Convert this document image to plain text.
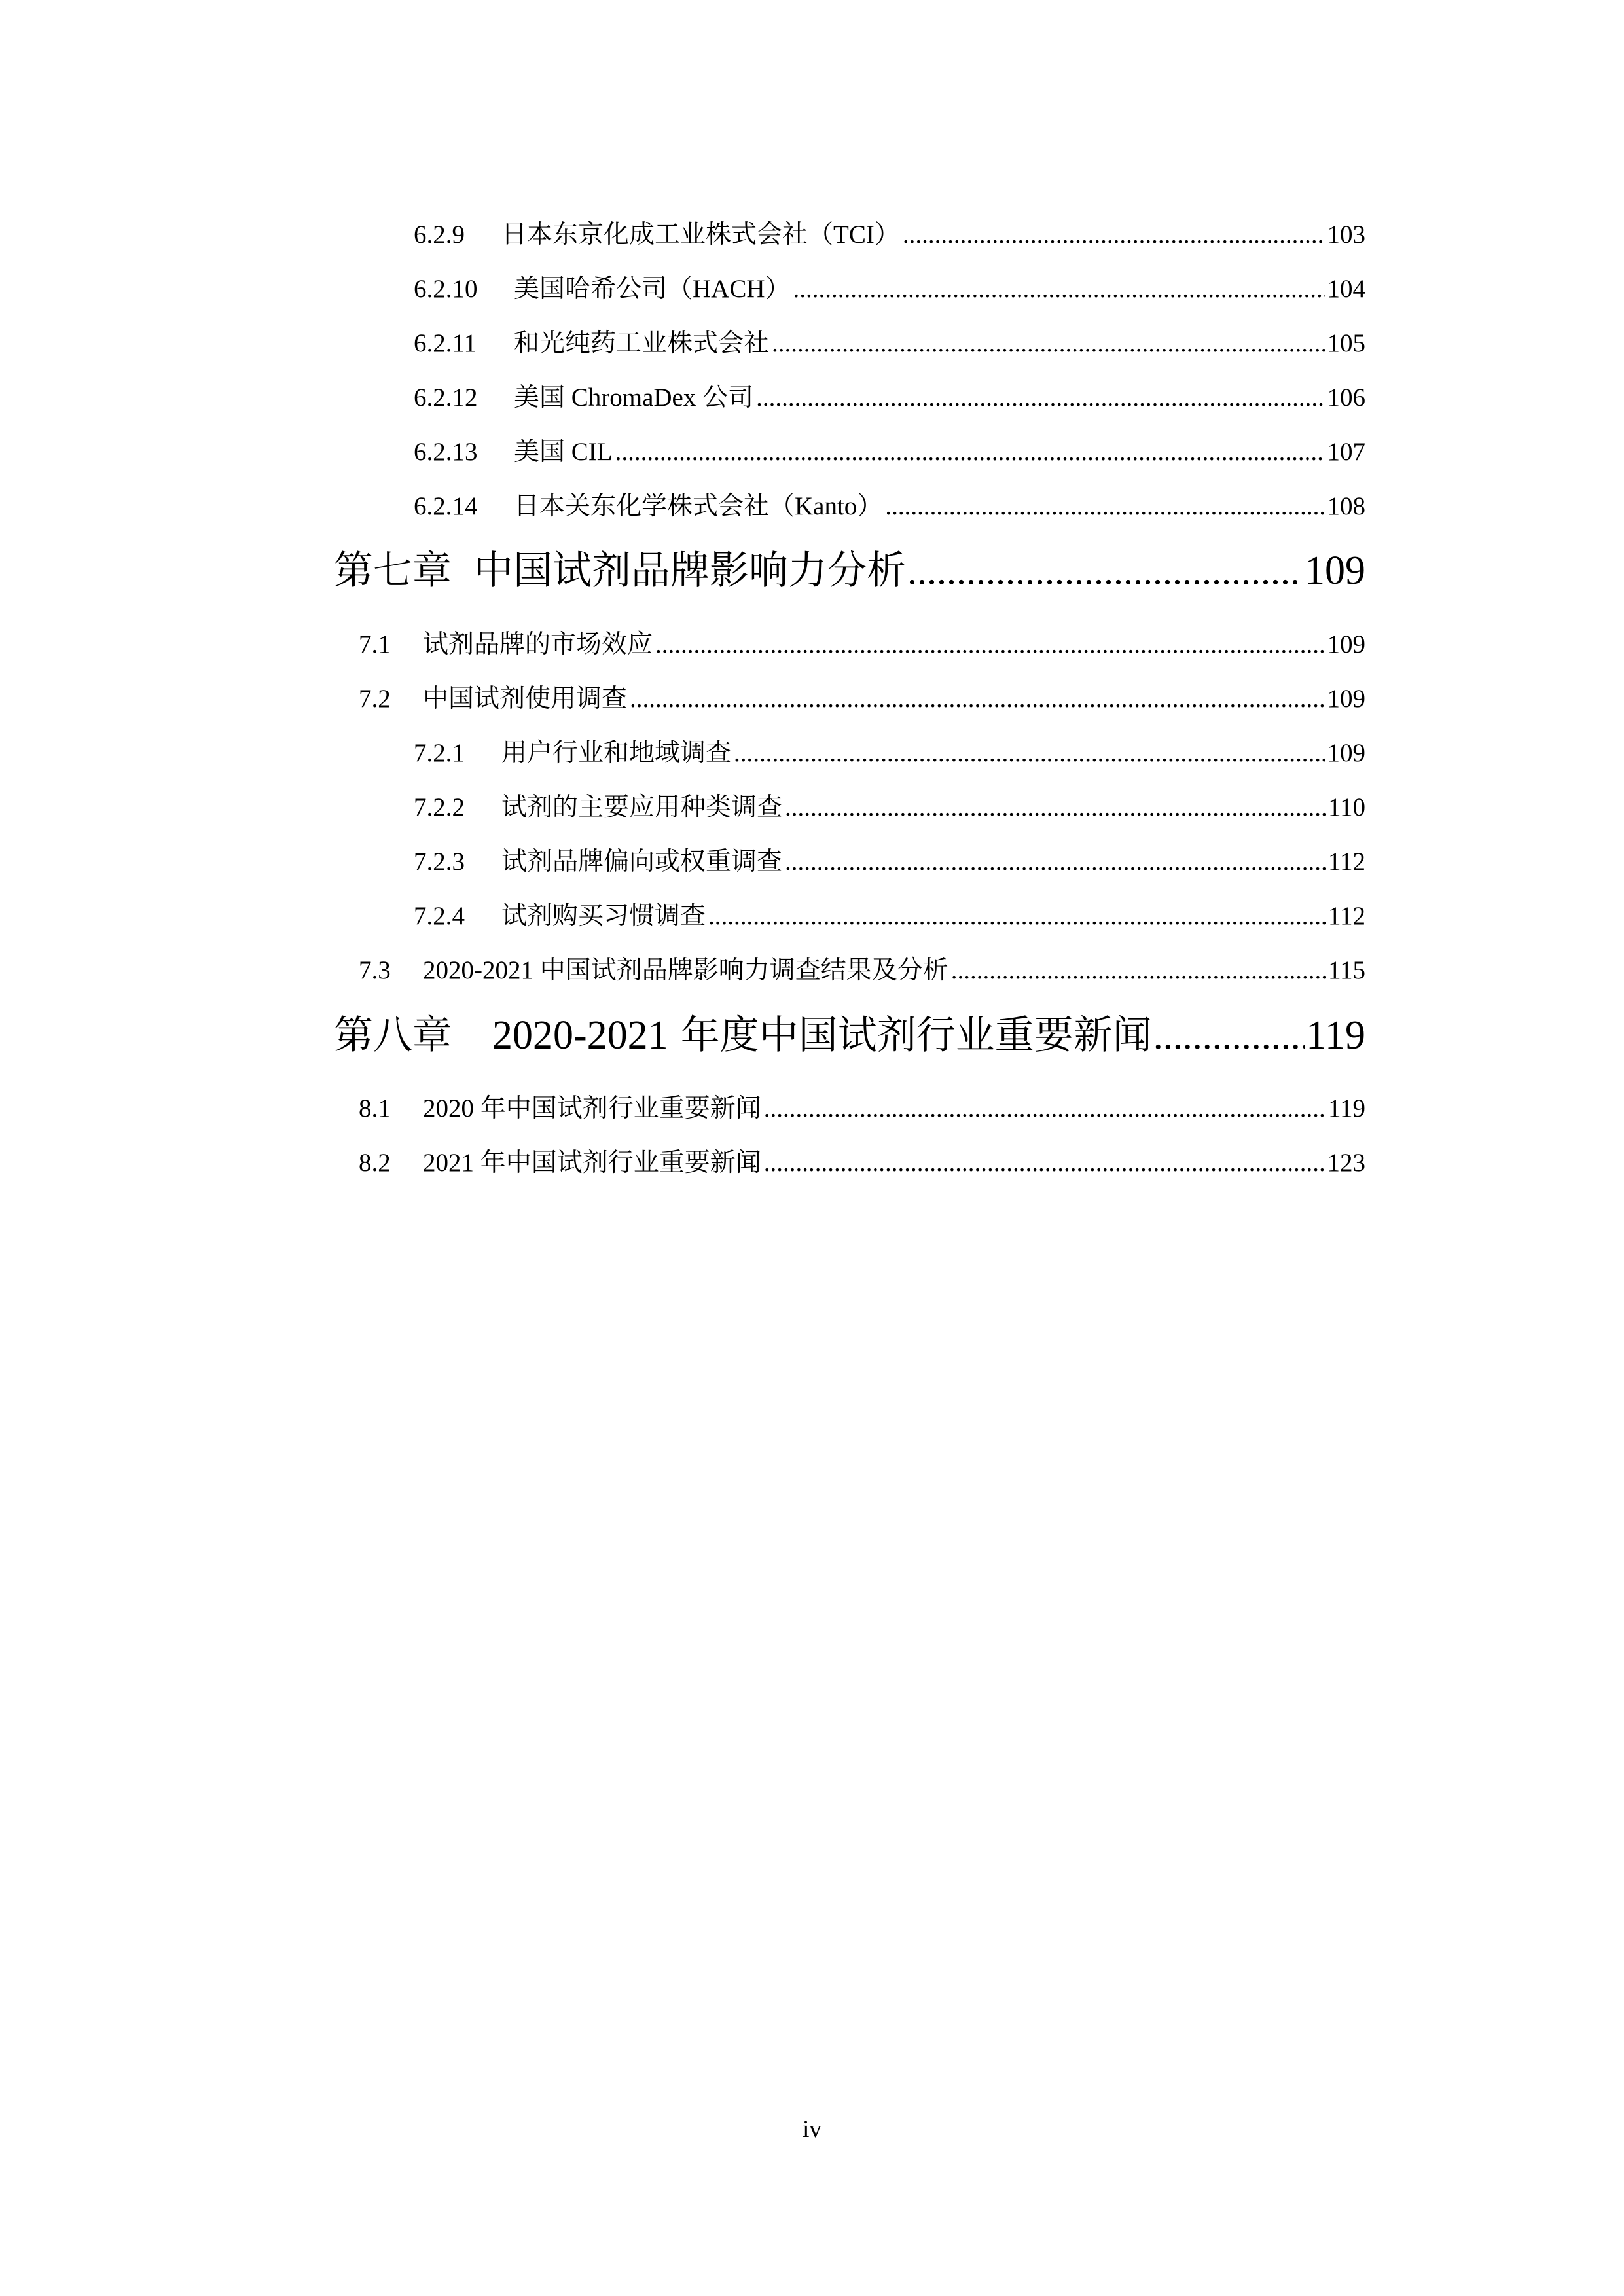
6.2.9	日本东京化成工业株式会社（TCI） .....	103
6.2.10	美国哈希公司（HACH） .....	104
6.2.11	和光纯药工业株式会社 .....	105
6.2.12	美国 ChromaDex 公司 .....	106
6.2.13	美国 CIL .....	107
6.2.14	日本关东化学株式会社（Kanto） .....	108
第七章 中国试剂品牌影响力分析 .....	109
7.1	试剂品牌的市场效应 .....	109
7.2	中国试剂使用调查 .....	109
7.2.1	用户行业和地域调查 .....	109
7.2.2	试剂的主要应用种类调查 .....	110
7.2.3	试剂品牌偏向或权重调查 .....	112
7.2.4	试剂购买习惯调查 .....	112
7.3	2020-2021 中国试剂品牌影响力调查结果及分析 .....	115
第八章 2020-2021 年度中国试剂行业重要新闻 .....	119
8.1	2020 年中国试剂行业重要新闻 .....	119
8.2	2021 年中国试剂行业重要新闻 .....	123
iv
